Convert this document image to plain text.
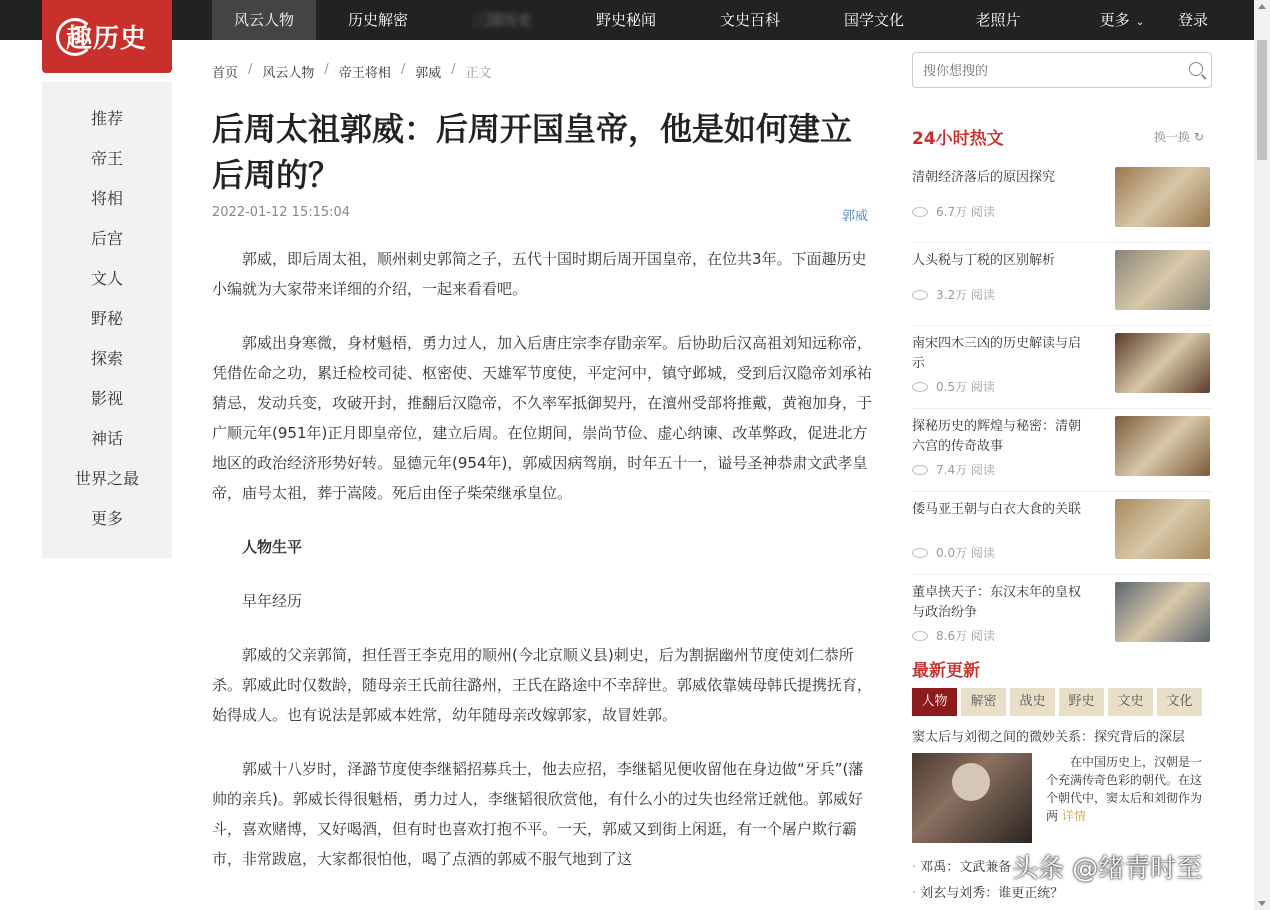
风云人物	历史解密	三国历史	野史秘闻	文史百科	国学文化	老照片	更多 ⌄	登录
趣历史
推荐
帝王
将相
后宫
文人
野秘
探索
影视
神话
世界之最
更多
首页 / 风云人物 / 帝王将相 / 郭威 / 正文
后周太祖郭威：后周开国皇帝，他是如何建立后周的？
2022-01-12 15:15:04	郭威

郭威，即后周太祖，顺州刺史郭简之子，五代十国时期后周开国皇帝，在位共3年。下面趣历史小编就为大家带来详细的介绍，一起来看看吧。

郭威出身寒微，身材魁梧，勇力过人，加入后唐庄宗李存勖亲军。后协助后汉高祖刘知远称帝，凭借佐命之功，累迁检校司徒、枢密使、天雄军节度使，平定河中，镇守邺城，受到后汉隐帝刘承祐猜忌，发动兵变，攻破开封，推翻后汉隐帝，不久率军抵御契丹，在澶州受部将推戴，黄袍加身，于广顺元年(951年)正月即皇帝位，建立后周。在位期间，崇尚节俭、虚心纳谏、改革弊政，促进北方地区的政治经济形势好转。显德元年(954年)，郭威因病驾崩，时年五十一，谥号圣神恭肃文武孝皇帝，庙号太祖，葬于嵩陵。死后由侄子柴荣继承皇位。

人物生平

早年经历

郭威的父亲郭简，担任晋王李克用的顺州(今北京顺义县)刺史，后为割据幽州节度使刘仁恭所杀。郭威此时仅数龄，随母亲王氏前往潞州，王氏在路途中不幸辞世。郭威依靠姨母韩氏提携抚育，始得成人。也有说法是郭威本姓常，幼年随母亲改嫁郭家，故冒姓郭。

郭威十八岁时，泽潞节度使李继韬招募兵士，他去应招，李继韬见便收留他在身边做“牙兵”(藩帅的亲兵)。郭威长得很魁梧，勇力过人，李继韬很欣赏他，有什么小的过失也经常迁就他。郭威好斗，喜欢赌博，又好喝酒，但有时也喜欢打抱不平。一天，郭威又到街上闲逛，有一个屠户欺行霸市，非常跋扈，大家都很怕他，喝了点酒的郭威不服气地到了这

搜你想搜的
24小时热文	换一换 ↻
清朝经济落后的原因探究
6.7万 阅读
人头税与丁税的区别解析
3.2万 阅读
南宋四木三凶的历史解读与启示
0.5万 阅读
探秘历史的辉煌与秘密：清朝六宫的传奇故事
7.4万 阅读
倭马亚王朝与白衣大食的关联
0.0万 阅读
董卓挟天子：东汉末年的皇权与政治纷争
8.6万 阅读
最新更新
人物	解密	战史	野史	文史	文化
窦太后与刘彻之间的微妙关系：探究背后的深层
在中国历史上，汉朝是一个充满传奇色彩的朝代。在这个朝代中，窦太后和刘彻作为两 详情
· 邓禹：文武兼备
· 刘玄与刘秀：谁更正统？
头条 @绪青时至
